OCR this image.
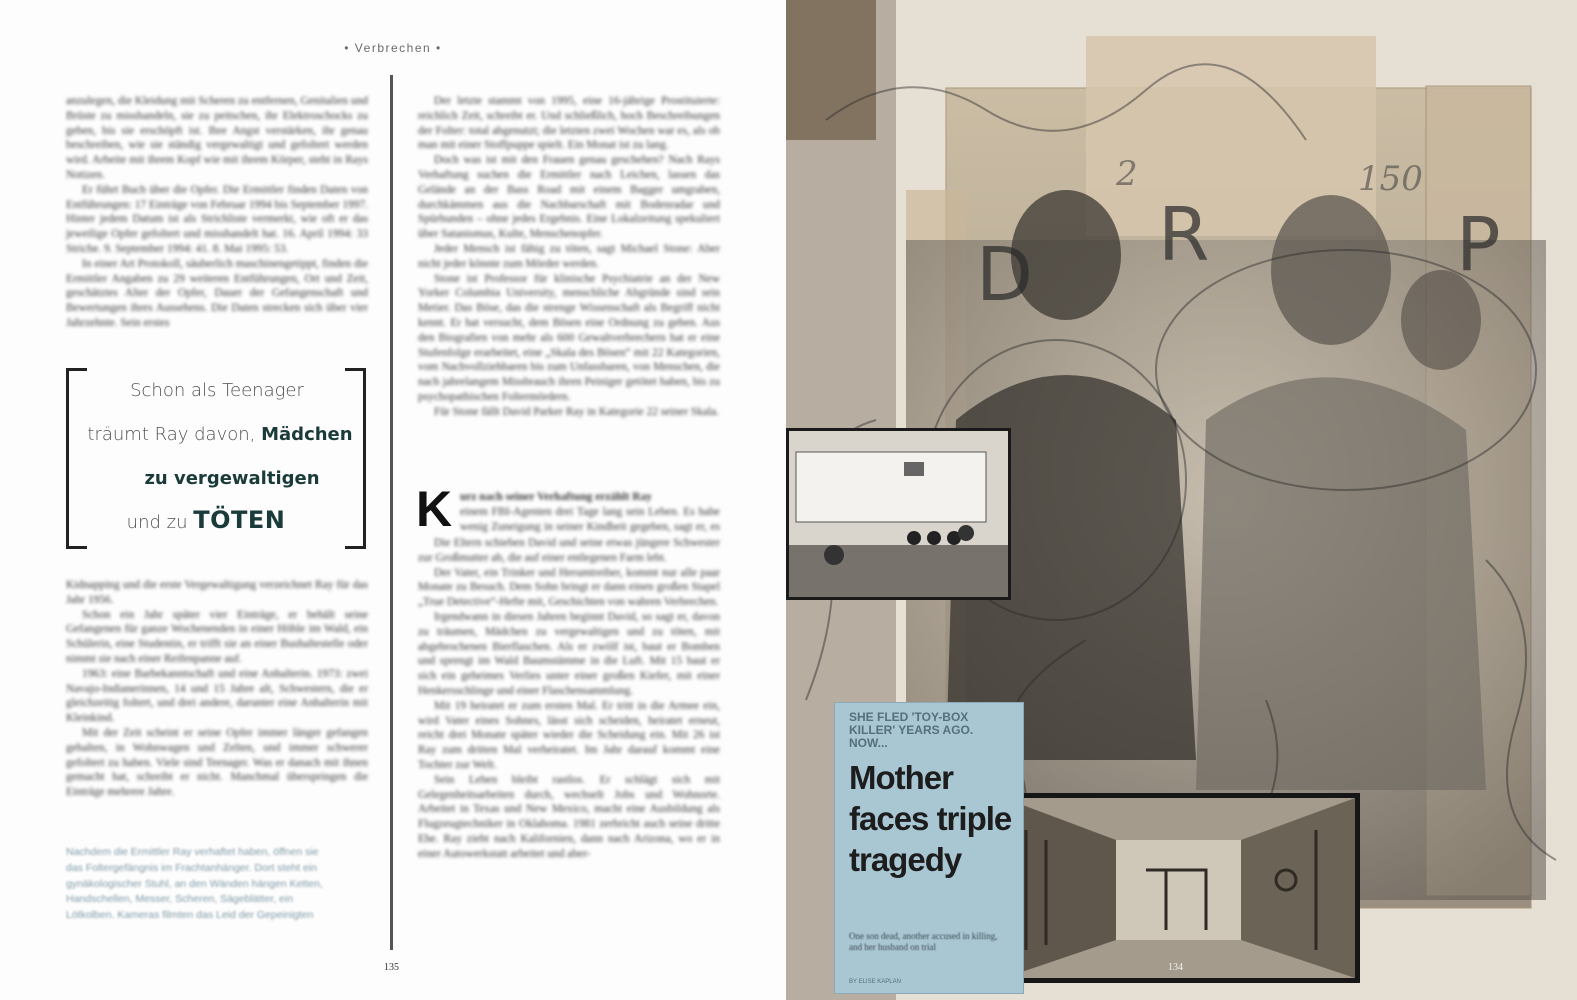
• Verbrechen •

anzulegen, die Kleidung mit Scheren zu entfernen, Genitalien und Brüste zu misshandeln, sie zu peitschen, ihr Elektroschocks zu geben, bis sie erschöpft ist. Ihre Angst verstärken, ihr genau beschreiben, wie sie ständig vergewaltigt und gefoltert werden wird. Arbeite mit ihrem Kopf wie mit ihrem Körper, steht in Rays Notizen.

Er führt Buch über die Opfer. Die Ermittler finden Daten von Entführungen: 17 Einträge von Februar 1994 bis September 1997. Hinter jedem Datum ist als Strichliste vermerkt, wie oft er das jeweilige Opfer gefoltert und misshandelt hat. 16. April 1994: 33 Striche. 9. September 1994: 41. 8. Mai 1995: 53.

In einer Art Protokoll, säuberlich maschinengetippt, finden die Ermittler Angaben zu 29 weiteren Entführungen, Ort und Zeit, geschätztes Alter der Opfer, Dauer der Gefangenschaft und Bewertungen ihres Aussehens. Die Daten strecken sich über vier Jahrzehnte. Sein erstes

Schon als Teenager
träumt Ray davon, Mädchen
zu vergewaltigen
und zu TÖTEN

Kidnapping und die erste Vergewaltigung verzeichnet Ray für das Jahr 1956.

Schon ein Jahr später vier Einträge, er behält seine Gefangenen für ganze Wochenenden in einer Höhle im Wald, ein Schülerin, eine Studentin, er trifft sie an einer Bushaltestelle oder nimmt sie nach einer Reifenpanne auf.

1963: eine Barbekanntschaft und eine Anhalterin. 1973: zwei Navajo-Indianerinnen, 14 und 15 Jahre alt, Schwestern, die er gleichzeitig foltert, und drei andere, darunter eine Anhalterin mit Kleinkind.

Mit der Zeit scheint er seine Opfer immer länger gefangen gehalten, in Wohnwagen und Zelten, und immer schwerer gefoltert zu haben. Viele sind Teenager. Was er danach mit ihnen gemacht hat, schreibt er nicht. Manchmal überspringen die Einträge mehrere Jahre.

Nachdem die Ermittler Ray verhaftet haben, öffnen sie das Foltergefängnis im Frachtanhänger. Dort steht ein gynäkologischer Stuhl, an den Wänden hängen Ketten, Handschellen, Messer, Scheren, Sägeblätter, ein Lötkolben. Kameras filmten das Leid der Gepeinigten

Der letzte stammt von 1995, eine 16-jährige Prostituierte: reichlich Zeit, schreibt er. Und schließlich, hoch Beschreibungen der Folter: total abgenutzt; die letzten zwei Wochen war es, als ob man mit einer Stoffpuppe spielt. Ein Monat ist zu lang.

Doch was ist mit den Frauen genau geschehen? Nach Rays Verhaftung suchen die Ermittler nach Leichen, lassen das Gelände an der Bass Road mit einem Bagger umgraben, durchkämmen aus die Nachbarschaft mit Bodenradar und Spürhunden – ohne jedes Ergebnis. Eine Lokalzeitung spekuliert über Satanismus, Kulte, Menschenopfer.

Jeder Mensch ist fähig zu töten, sagt Michael Stone: Aber nicht jeder könnte zum Mörder werden.

Stone ist Professor für klinische Psychiatrie an der New Yorker Columbia University, menschliche Abgründe sind sein Metier. Das Böse, das die strenge Wissenschaft als Begriff nicht kennt. Er hat versucht, dem Bösen eine Ordnung zu geben. Aus den Biografien von mehr als 600 Gewaltverbrechern hat er eine Stufenfolge erarbeitet, eine „Skala des Bösen“ mit 22 Kategorien, vom Nachvollziehbaren bis zum Unfassbaren, von Menschen, die nach jahrelangem Missbrauch ihren Peiniger getötet haben, bis zu psychopathischen Foltermördern.

Für Stone fällt David Parker Ray in Kategorie 22 seiner Skala.

K urz nach seiner Verhaftung erzählt Ray

einem FBI-Agenten drei Tage lang sein Leben. Es habe wenig Zuneigung in seiner Kindheit gegeben, sagt er, es

Die Eltern schieben David und seine etwas jüngere Schwester zur Großmutter ab, die auf einer entlegenen Farm lebt.

Der Vater, ein Trinker und Herumtreiber, kommt nur alle paar Monate zu Besuch. Dem Sohn bringt er dann einen großen Stapel „True Detective“-Hefte mit, Geschichten von wahren Verbrechen.

Irgendwann in diesen Jahren beginnt David, so sagt er, davon zu träumen, Mädchen zu vergewaltigen und zu töten, mit abgebrochenen Bierflaschen. Als er zwölf ist, baut er Bomben und sprengt im Wald Baumstämme in die Luft. Mit 15 baut er sich ein geheimes Verlies unter einer großen Kiefer, mit einer Henkersschlinge und einer Flaschensammlung.

Mit 19 heiratet er zum ersten Mal. Er tritt in die Armee ein, wird Vater eines Sohnes, lässt sich scheiden, heiratet erneut, reicht drei Monate später wieder die Scheidung ein. Mit 26 ist Ray zum dritten Mal verheiratet. Im Jahr darauf kommt eine Tochter zur Welt.

Sein Leben bleibt rastlos. Er schlägt sich mit Gelegenheitsarbeiten durch, wechselt Jobs und Wohnorte. Arbeitet in Texas und New Mexico, macht eine Ausbildung als Flugzeugtechniker in Oklahoma. 1981 zerbricht auch seine dritte Ehe. Ray zieht nach Kalifornien, dann nach Arizona, wo er in einer Autowerkstatt arbeitet und aber-

135
D R	P
2	150
SHE FLED 'TOY-BOX KILLER' YEARS AGO. NOW...
Mother faces triple tragedy
One son dead, another accused in killing, and her husband on trial
BY ELISE KAPLAN
134
